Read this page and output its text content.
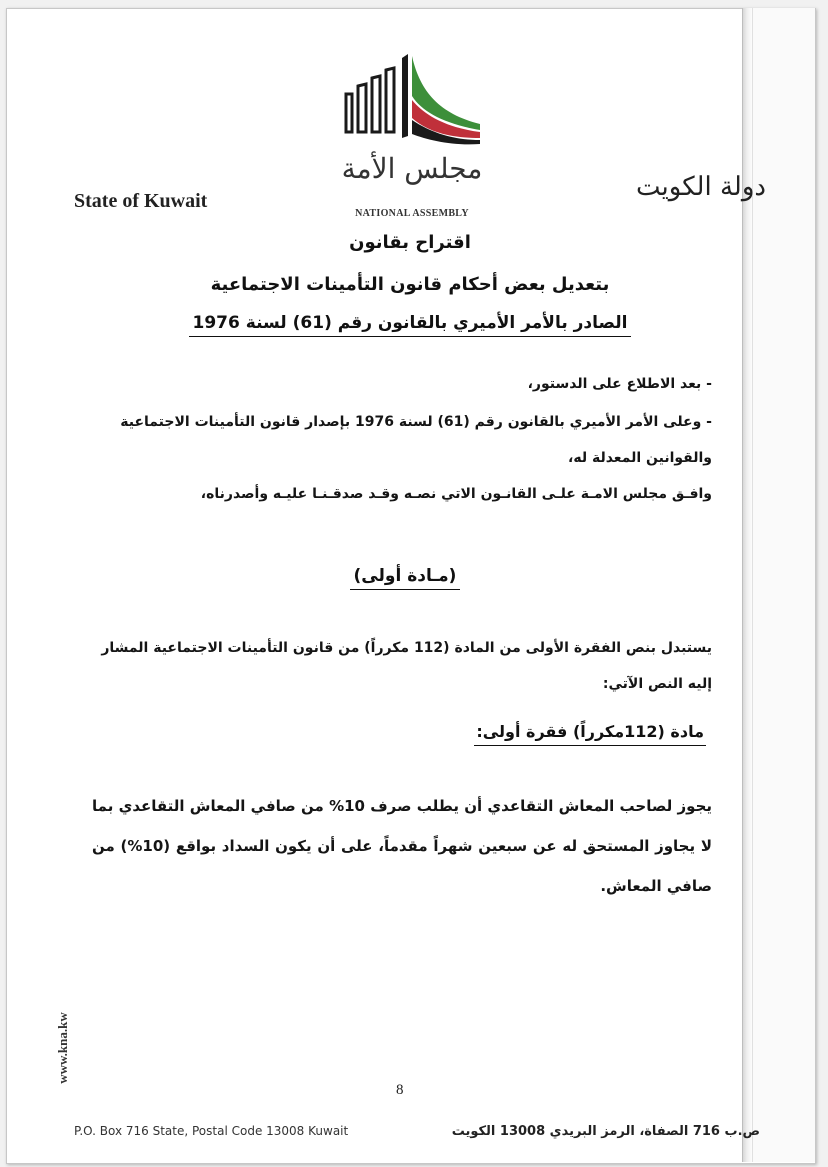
State of Kuwait	دولة الكويت
مجلس الأمة
NATIONAL ASSEMBLY
اقتراح بقانون
بتعديل بعض أحكام قانون التأمينات الاجتماعية
الصادر بالأمر الأميري بالقانون رقم (61) لسنة 1976
- بعد الاطلاع على الدستور،
- وعلى الأمر الأميري بالقانون رقم (61) لسنة 1976 بإصدار قانون التأمينات الاجتماعية والقوانين المعدلة له،
وافـق مجلس الامـة علـى القانـون الاتي نصـه وقـد صدقـنـا عليـه وأصدرناه،
(مـادة أولى)
يستبدل بنص الفقرة الأولى من المادة (112 مكرراً) من قانون التأمينات الاجتماعية المشار إليه النص الآتي:
مادة (112مكرراً) فقرة أولى:
يجوز لصاحب المعاش التقاعدي أن يطلب صرف 10% من صافي المعاش التقاعدي بما لا يجاوز المستحق له عن سبعين شهراً مقدماً، على أن يكون السداد بواقع (10%) من صافي المعاش.
www.kna.kw
8
P.O. Box 716 State, Postal Code 13008 Kuwait	ص.ب 716 الصفاة، الرمز البريدي 13008 الكويت
